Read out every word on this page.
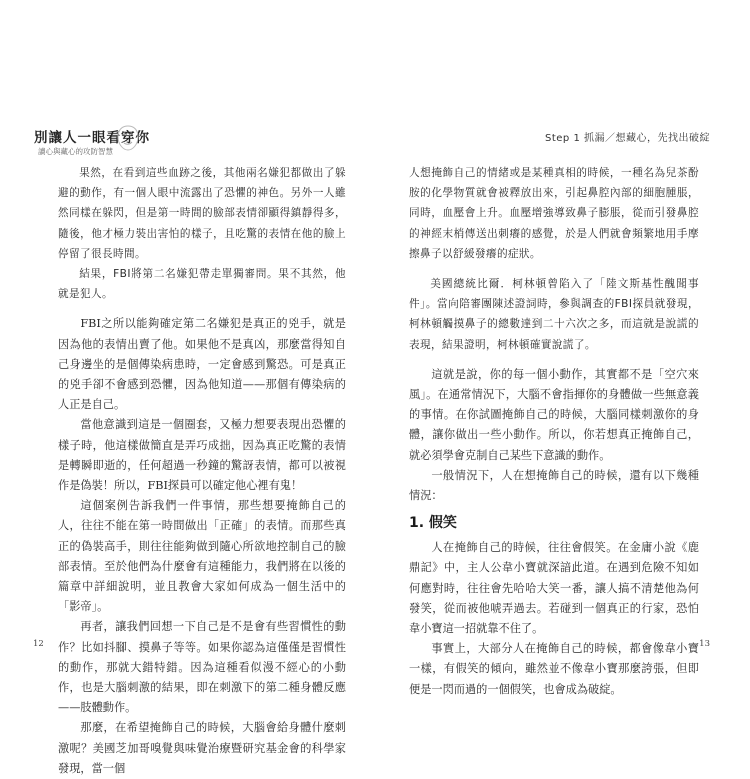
別讓人一眼看穿你
讀心與藏心的攻防智慧

果然，在看到這些血跡之後，其他兩名嫌犯都做出了躲避的動作，有一個人眼中流露出了恐懼的神色。另外一人雖然同樣在躲閃，但是第一時間的臉部表情卻顯得鎮靜得多，隨後，他才極力裝出害怕的樣子，且吃驚的表情在他的臉上停留了很長時間。

結果，FBI將第二名嫌犯帶走單獨審問。果不其然，他就是犯人。

FBI之所以能夠確定第二名嫌犯是真正的兇手，就是因為他的表情出賣了他。如果他不是真凶，那麼當得知自己身邊坐的是個傳染病患時，一定會感到驚恐。可是真正的兇手卻不會感到恐懼，因為他知道——那個有傳染病的人正是自己。

當他意識到這是一個圈套，又極力想要表現出恐懼的樣子時，他這樣做簡直是弄巧成拙，因為真正吃驚的表情是轉瞬即逝的，任何超過一秒鐘的驚訝表情，都可以被視作是偽裝！所以，FBI探員可以確定他心裡有鬼！

這個案例告訴我們一件事情，那些想要掩飾自己的人，往往不能在第一時間做出「正確」的表情。而那些真正的偽裝高手，則往往能夠做到隨心所欲地控制自己的臉部表情。至於他們為什麼會有這種能力，我們將在以後的篇章中詳細說明，並且教會大家如何成為一個生活中的「影帝」。

再者，讓我們回想一下自己是不是會有些習慣性的動作？比如抖腳、摸鼻子等等。如果你認為這僅僅是習慣性的動作，那就大錯特錯。因為這種看似漫不經心的小動作，也是大腦刺激的結果，即在刺激下的第二種身體反應——肢體動作。

那麼，在希望掩飾自己的時候，大腦會給身體什麼刺激呢？美國芝加哥嗅覺與味覺治療暨研究基金會的科學家發現，當一個

12
Step 1 抓漏／想藏心，先找出破綻

人想掩飾自己的情緒或是某種真相的時候，一種名為兒茶酚胺的化學物質就會被釋放出來，引起鼻腔內部的細胞腫脹，同時，血壓會上升。血壓增強導致鼻子膨脹，從而引發鼻腔的神經末梢傳送出刺癢的感覺，於是人們就會頻繁地用手摩擦鼻子以舒緩發癢的症狀。

美國總統比爾．柯林頓曾陷入了「陸文斯基性醜聞事件」。當向陪審團陳述證詞時，參與調查的FBI探員就發現，柯林頓觸摸鼻子的總數達到二十六次之多，而這就是說謊的表現，結果證明，柯林頓確實說謊了。

這就是說，你的每一個小動作，其實都不是「空穴來風」。在通常情況下，大腦不會指揮你的身體做一些無意義的事情。在你試圖掩飾自己的時候，大腦同樣刺激你的身體，讓你做出一些小動作。所以，你若想真正掩飾自己，就必須學會克制自己某些下意識的動作。

一般情況下，人在想掩飾自己的時候，還有以下幾種情況：

1. 假笑

人在掩飾自己的時候，往往會假笑。在金庸小說《鹿鼎記》中，主人公韋小寶就深諳此道。在遇到危險不知如何應對時，往往會先哈哈大笑一番，讓人搞不清楚他為何發笑，從而被他唬弄過去。若碰到一個真正的行家，恐怕韋小寶這一招就靠不住了。

事實上，大部分人在掩飾自己的時候，都會像韋小寶一樣，有假笑的傾向，雖然並不像韋小寶那麼誇張，但即便是一閃而過的一個假笑，也會成為破綻。

13
